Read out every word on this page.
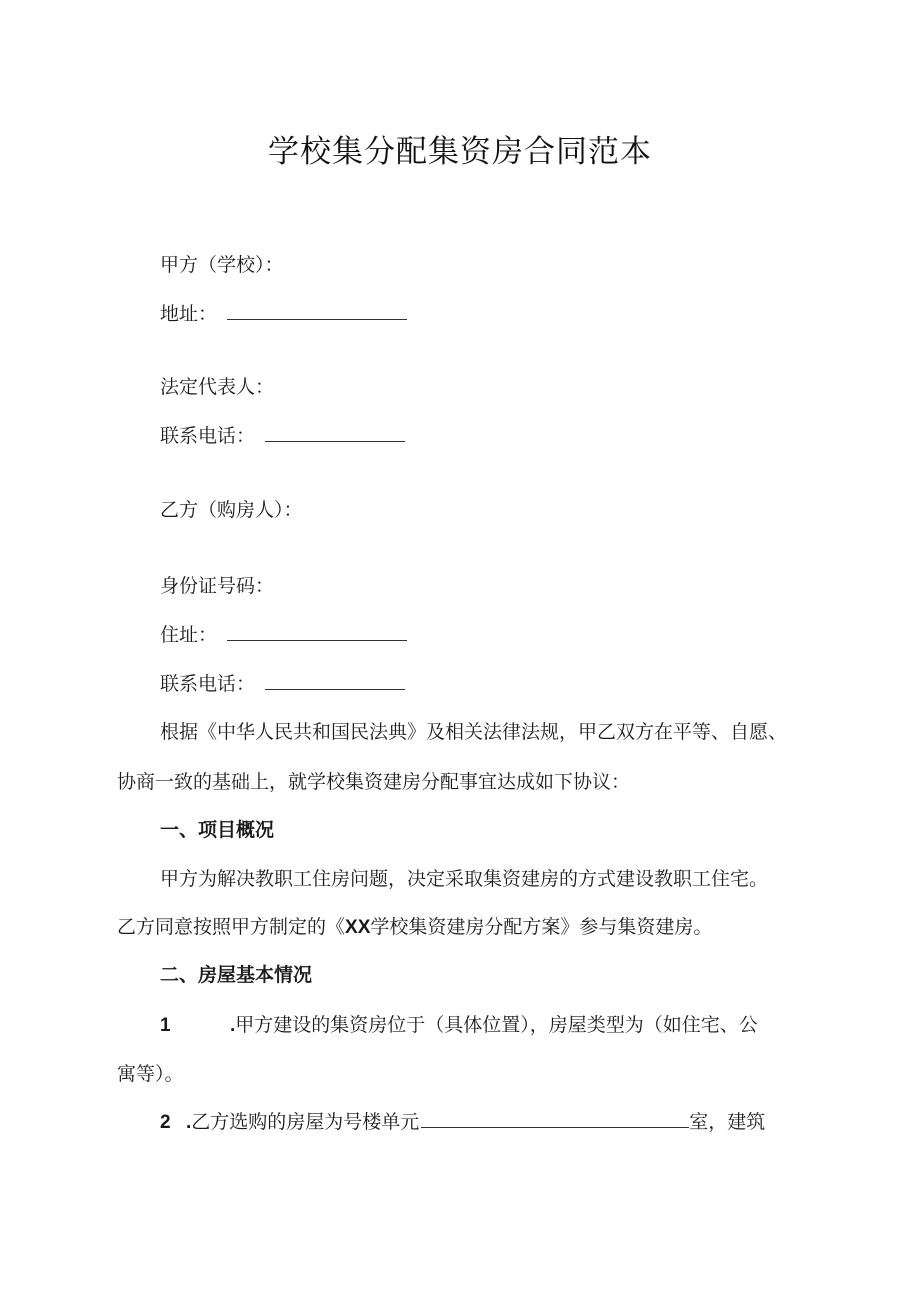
学校集分配集资房合同范本
甲方（学校）：
地址：
法定代表人：
联系电话：
乙方（购房人）：
身份证号码：
住址：
联系电话：
根据《中华人民共和国民法典》及相关法律法规，甲乙双方在平等、自愿、
协商一致的基础上，就学校集资建房分配事宜达成如下协议：
一、项目概况
甲方为解决教职工住房问题，决定采取集资建房的方式建设教职工住宅。
乙方同意按照甲方制定的《XX学校集资建房分配方案》参与集资建房。
二、房屋基本情况
1	.甲方建设的集资房位于（具体位置），房屋类型为（如住宅、公
寓等）。
2 .乙方选购的房屋为号楼单元	室，建筑
